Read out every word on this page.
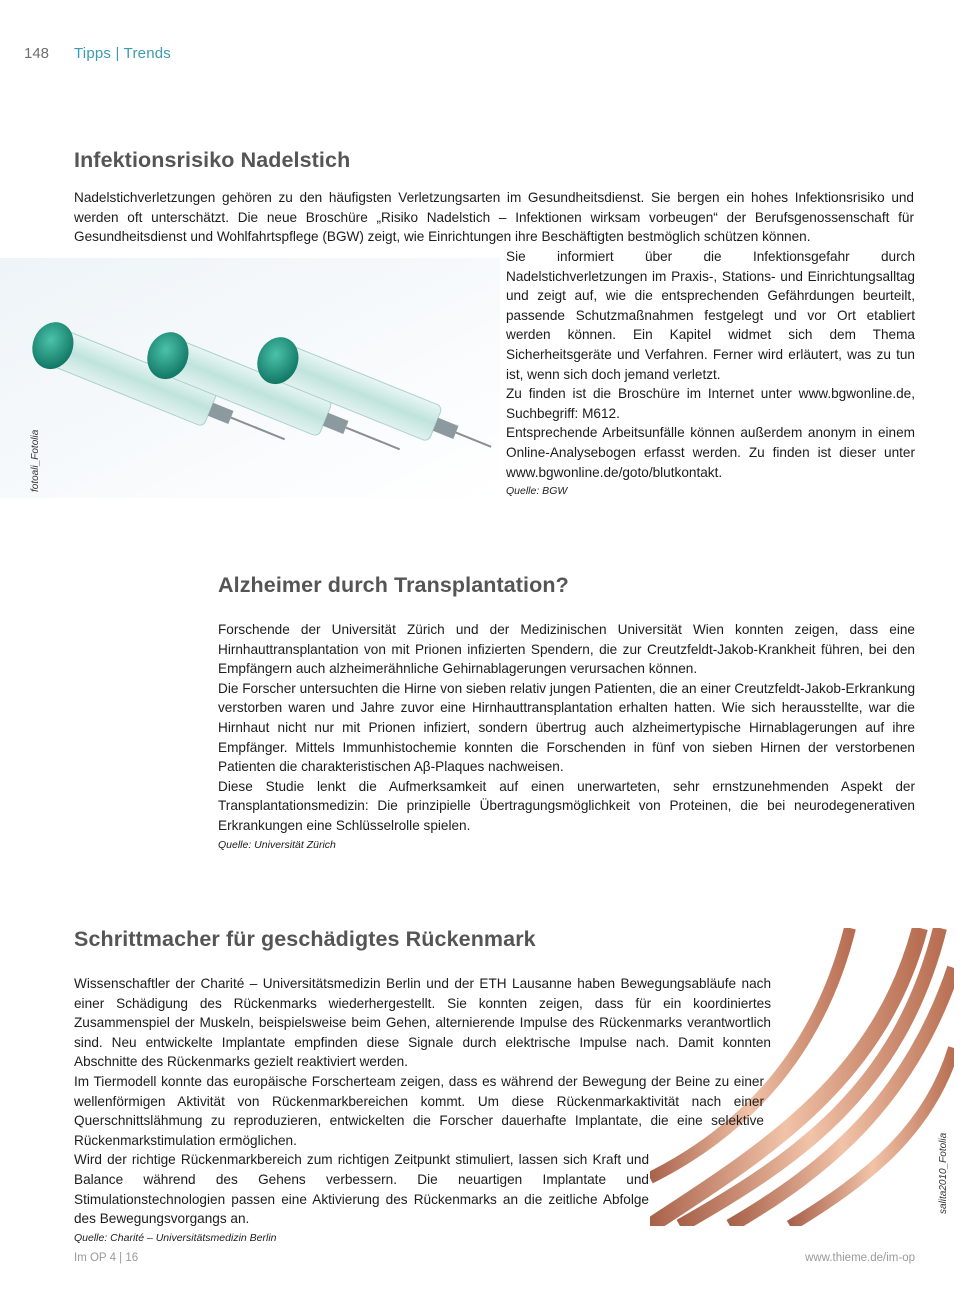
148 Tipps | Trends
Infektionsrisiko Nadelstich

Nadelstichverletzungen gehören zu den häufigsten Verletzungsarten im Gesundheitsdienst. Sie bergen ein hohes Infektionsrisiko und werden oft unterschätzt. Die neue Broschüre „Risiko Nadelstich – Infektionen wirksam vorbeugen“ der Berufsgenossenschaft für Gesundheitsdienst und Wohlfahrtspflege (BGW) zeigt, wie Einrichtungen ihre Beschäftigten bestmöglich schützen können.

fotoali_Fotolia

Sie informiert über die Infektionsgefahr durch Nadelstichverletzungen im Praxis-, Stations- und Einrichtungsalltag und zeigt auf, wie die entsprechenden Gefährdungen beurteilt, passende Schutzmaßnahmen festgelegt und vor Ort etabliert werden können. Ein Kapitel widmet sich dem Thema Sicherheitsgeräte und Verfahren. Ferner wird erläutert, was zu tun ist, wenn sich doch jemand verletzt.

Zu finden ist die Broschüre im Internet unter www.bgwonline.de, Suchbegriff: M612.

Entsprechende Arbeitsunfälle können außerdem anonym in einem Online-Analysebogen erfasst werden. Zu finden ist dieser unter www.bgwonline.de/goto/blutkontakt.

Quelle: BGW
Alzheimer durch Transplantation?

Forschende der Universität Zürich und der Medizinischen Universität Wien konnten zeigen, dass eine Hirnhauttransplantation von mit Prionen infizierten Spendern, die zur Creutzfeldt-Jakob-Krankheit führen, bei den Empfängern auch alzheimerähnliche Gehirnablagerungen verursachen können.

Die Forscher untersuchten die Hirne von sieben relativ jungen Patienten, die an einer Creutzfeldt-Jakob-Erkrankung verstorben waren und Jahre zuvor eine Hirnhauttransplantation erhalten hatten. Wie sich herausstellte, war die Hirnhaut nicht nur mit Prionen infiziert, sondern übertrug auch alzheimertypische Hirnablagerungen auf ihre Empfänger. Mittels Immunhistochemie konnten die Forschenden in fünf von sieben Hirnen der verstorbenen Patienten die charakteristischen Aβ-Plaques nachweisen.

Diese Studie lenkt die Aufmerksamkeit auf einen unerwarteten, sehr ernstzunehmenden Aspekt der Transplantationsmedizin: Die prinzipielle Übertragungsmöglichkeit von Proteinen, die bei neurodegenerativen Erkrankungen eine Schlüsselrolle spielen.

Quelle: Universität Zürich
salita2010_Fotolia
Schrittmacher für geschädigtes Rückenmark

Wissenschaftler der Charité – Universitätsmedizin Berlin und der ETH Lausanne haben Bewegungsabläufe nach einer Schädigung des Rückenmarks wiederhergestellt. Sie konnten zeigen, dass für ein koordiniertes Zusammenspiel der Muskeln, beispielsweise beim Gehen, alternierende Impulse des Rückenmarks verantwortlich sind. Neu entwickelte Implantate empfinden diese Signale durch elektrische Impulse nach. Damit konnten Abschnitte des Rückenmarks gezielt reaktiviert werden.

Im Tiermodell konnte das europäische Forscherteam zeigen, dass es während der Bewegung der Beine zu einer wellenförmigen Aktivität von Rückenmarkbereichen kommt. Um diese Rückenmarkaktivität nach einer Querschnittslähmung zu reproduzieren, entwickelten die Forscher dauerhafte Implantate, die eine selektive Rückenmarkstimulation ermöglichen.

Wird der richtige Rückenmarkbereich zum richtigen Zeitpunkt stimuliert, lassen sich Kraft und Balance während des Gehens verbessern. Die neuartigen Implantate und Stimulationstechnologien passen eine Aktivierung des Rückenmarks an die zeitliche Abfolge des Bewegungsvorgangs an.

Quelle: Charité – Universitätsmedizin Berlin
Im OP 4 | 16	www.thieme.de/im-op
